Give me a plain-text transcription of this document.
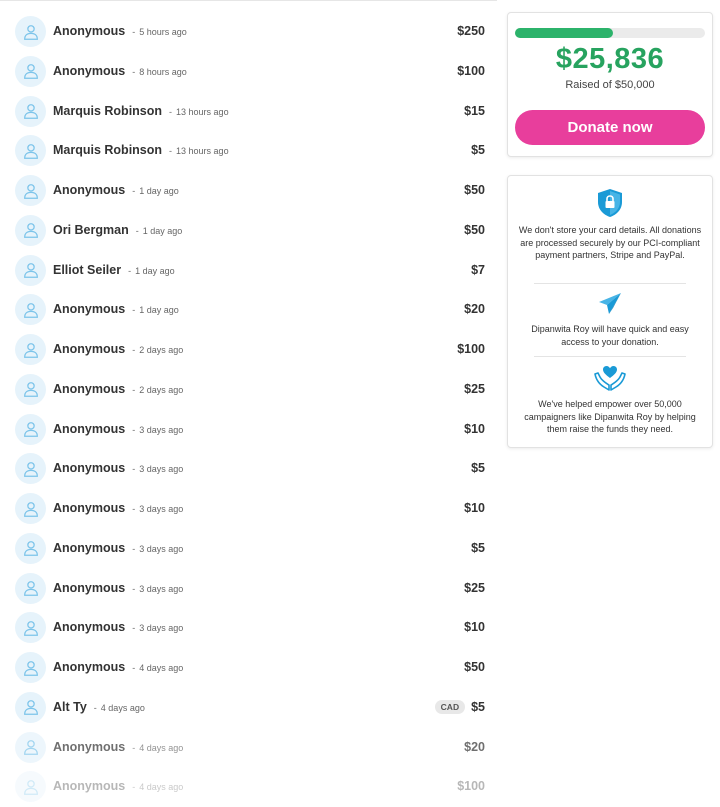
Anonymous - 5 hours ago	$250
Anonymous - 8 hours ago	$100
Marquis Robinson - 13 hours ago	$15
Marquis Robinson - 13 hours ago	$5
Anonymous - 1 day ago	$50
Ori Bergman - 1 day ago	$50
Elliot Seiler - 1 day ago	$7
Anonymous - 1 day ago	$20
Anonymous - 2 days ago	$100
Anonymous - 2 days ago	$25
Anonymous - 3 days ago	$10
Anonymous - 3 days ago	$5
Anonymous - 3 days ago	$10
Anonymous - 3 days ago	$5
Anonymous - 3 days ago	$25
Anonymous - 3 days ago	$10
Anonymous - 4 days ago	$50
Alt Ty - 4 days ago	CAD $5
Anonymous - 4 days ago	$20
Anonymous - 4 days ago	$100
$25,836
Raised of $50,000
Donate now
We don't store your card details. All donations are processed securely by our PCI-compliant payment partners, Stripe and PayPal.
Dipanwita Roy will have quick and easy access to your donation.
We've helped empower over 50,000 campaigners like Dipanwita Roy by helping them raise the funds they need.
